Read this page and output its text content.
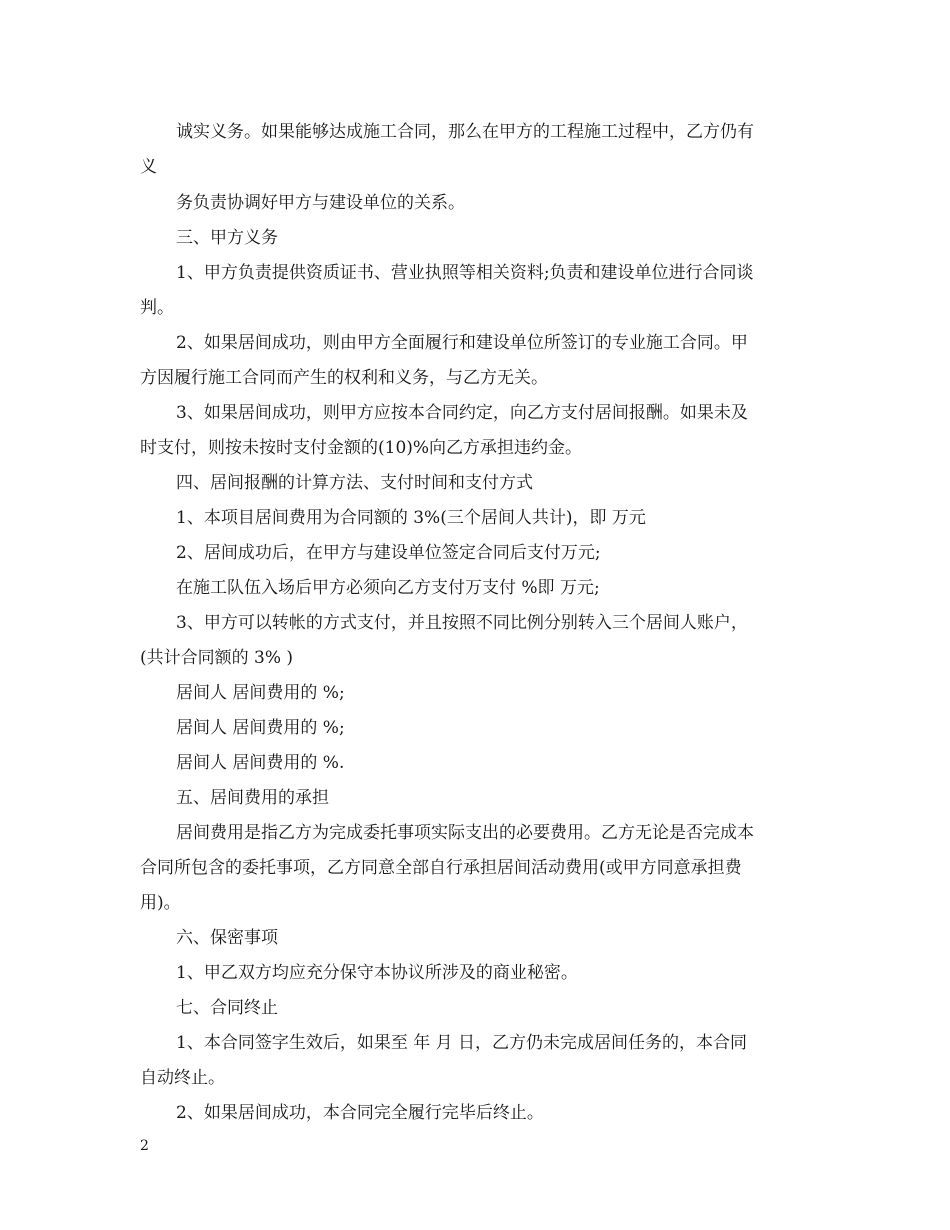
诚实义务。如果能够达成施工合同，那么在甲方的工程施工过程中，乙方仍有
义
务负责协调好甲方与建设单位的关系。
三、甲方义务
1、甲方负责提供资质证书、营业执照等相关资料;负责和建设单位进行合同谈
判。
2、如果居间成功，则由甲方全面履行和建设单位所签订的专业施工合同。甲
方因履行施工合同而产生的权利和义务，与乙方无关。
3、如果居间成功，则甲方应按本合同约定，向乙方支付居间报酬。如果未及
时支付，则按未按时支付金额的(10)%向乙方承担违约金。
四、居间报酬的计算方法、支付时间和支付方式
1、本项目居间费用为合同额的 3%(三个居间人共计)，即 万元
2、居间成功后，在甲方与建设单位签定合同后支付万元;
在施工队伍入场后甲方必须向乙方支付万支付 %即 万元;
3、甲方可以转帐的方式支付，并且按照不同比例分别转入三个居间人账户，
(共计合同额的 3% )
居间人 居间费用的 %;
居间人 居间费用的 %;
居间人 居间费用的 %.
五、居间费用的承担
居间费用是指乙方为完成委托事项实际支出的必要费用。乙方无论是否完成本
合同所包含的委托事项，乙方同意全部自行承担居间活动费用(或甲方同意承担费
用)。
六、保密事项
1、甲乙双方均应充分保守本协议所涉及的商业秘密。
七、合同终止
1、本合同签字生效后，如果至 年 月 日，乙方仍未完成居间任务的，本合同
自动终止。
2、如果居间成功，本合同完全履行完毕后终止。
2
